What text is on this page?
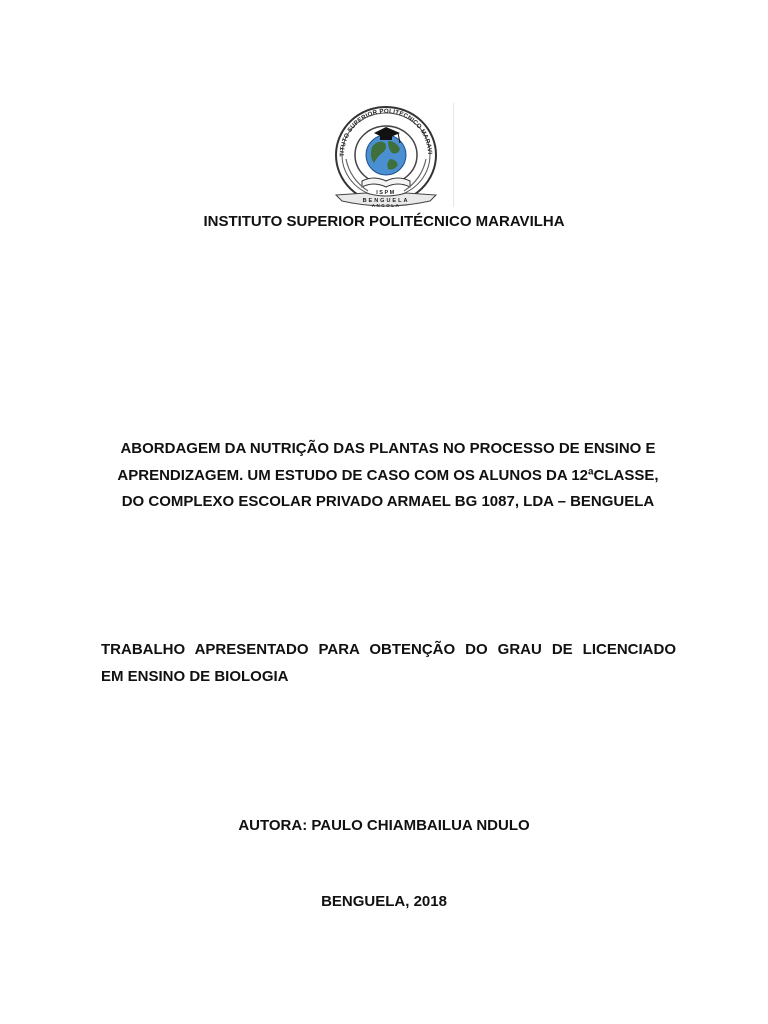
TITUTO SUPERIOR POLITÉCNICO MARAVI
ISPM
BENGUELA
ANGOLA

INSTITUTO SUPERIOR POLITÉCNICO MARAVILHA

ABORDAGEM DA NUTRIÇÃO DAS PLANTAS NO PROCESSO DE ENSINO E
APRENDIZAGEM. UM ESTUDO DE CASO COM OS ALUNOS DA 12ªCLASSE,
DO COMPLEXO ESCOLAR PRIVADO ARMAEL BG 1087, LDA – BENGUELA

TRABALHO APRESENTADO PARA OBTENÇÃO DO GRAU DE LICENCIADO
EM ENSINO DE BIOLOGIA

AUTORA: PAULO CHIAMBAILUA NDULO

BENGUELA, 2018
